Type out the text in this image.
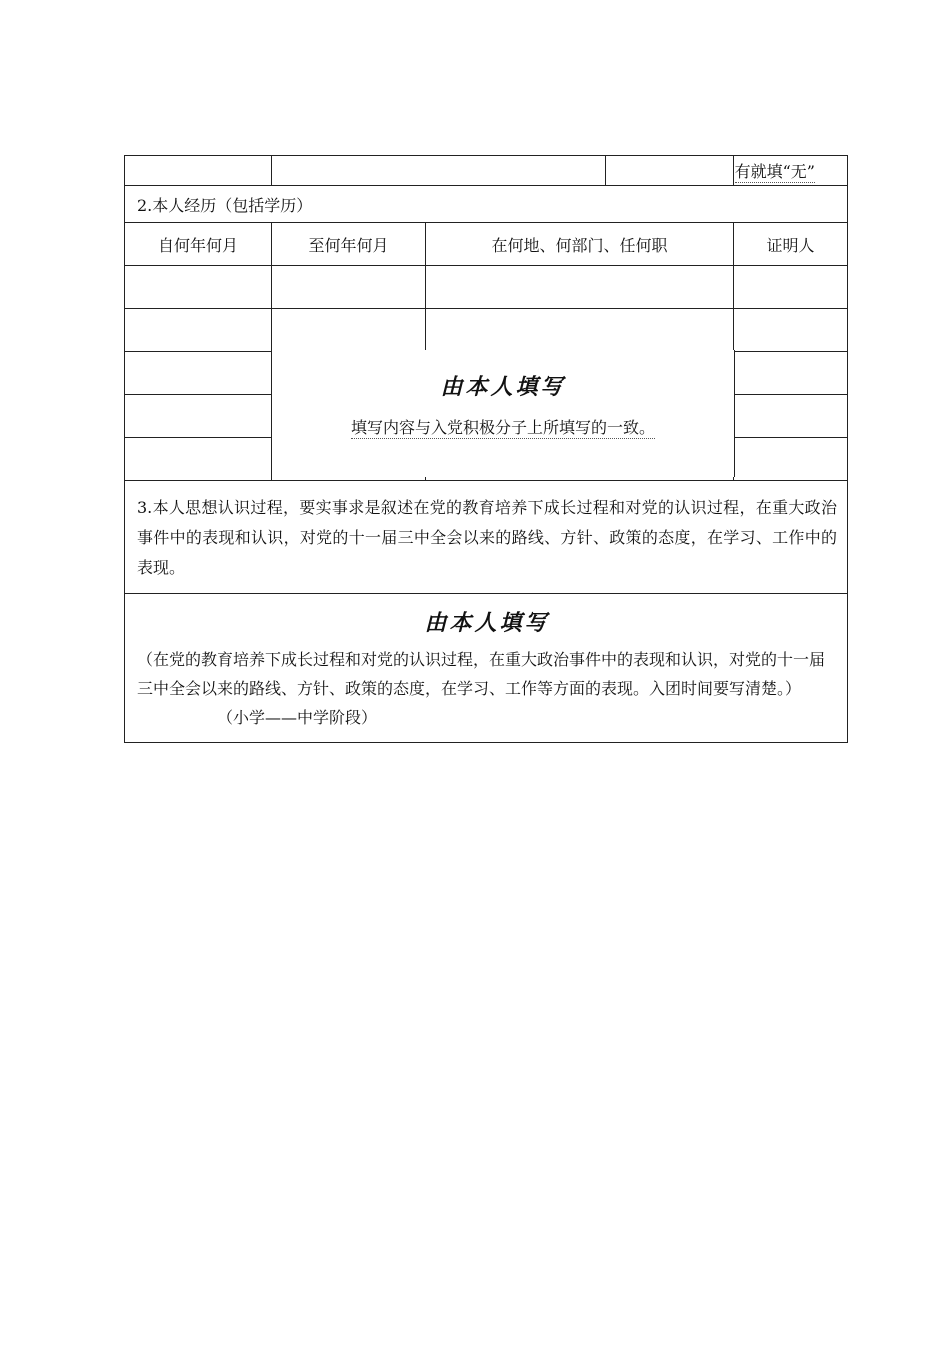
				有就填“无”
2.本人经历（包括学历）				
自何年何月	至何年何月	在何地、何部门、任何职		证明人

3.本人思想认识过程，要实事求是叙述在党的教育培养下成长过程和对党的认识过程，在重大政治事件中的表现和认识，对党的十一届三中全会以来的路线、方针、政策的态度，在学习、工作中的表现。				

由本人填写
（在党的教育培养下成长过程和对党的认识过程，在重大政治事件中的表现和认识，对党的十一届三中全会以来的路线、方针、政策的态度，在学习、工作等方面的表现。入团时间要写清楚。）（小学——中学阶段）				
由本人填写
填写内容与入党积极分子上所填写的一致。
